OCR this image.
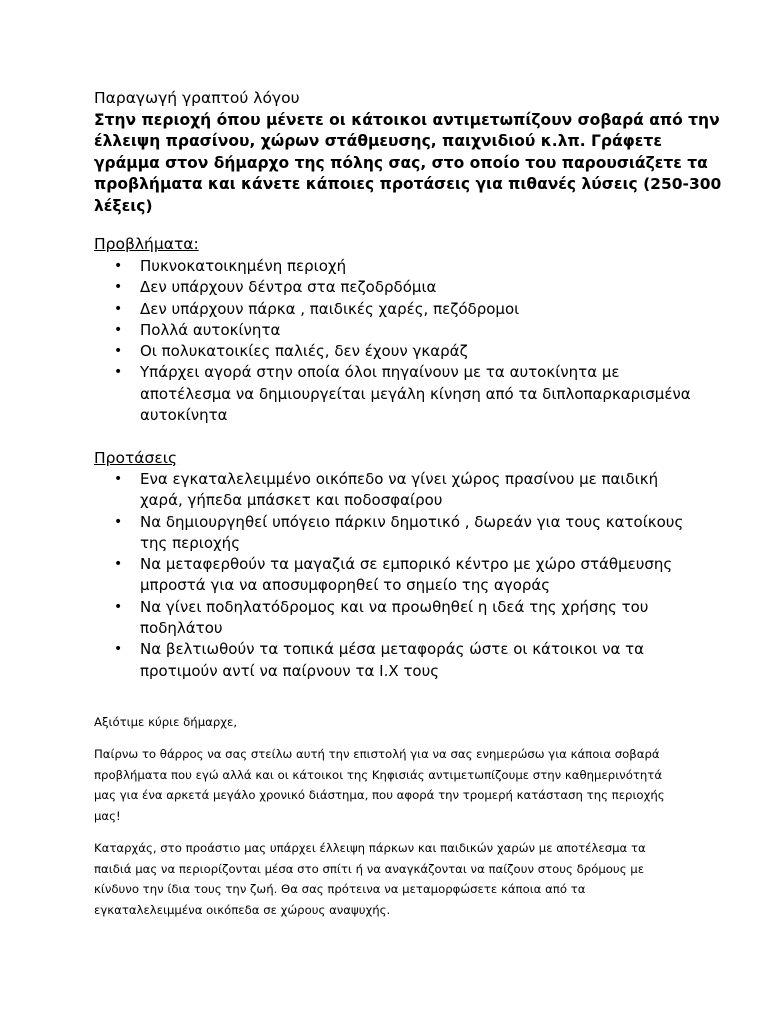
Παραγωγή γραπτού λόγου
Στην περιοχή όπου μένετε οι κάτοικοι αντιμετωπίζουν σοβαρά από την έλλειψη πρασίνου, χώρων στάθμευσης, παιχνιδιού κ.λπ. Γράφετε γράμμα στον δήμαρχο της πόλης σας, στο οποίο του παρουσιάζετε τα προβλήματα και κάνετε κάποιες προτάσεις για πιθανές λύσεις (250-300 λέξεις)
Προβλήματα:
• Πυκνοκατοικημένη περιοχή
• Δεν υπάρχουν δέντρα στα πεζοδρδόμια
• Δεν υπάρχουν πάρκα , παιδικές χαρές, πεζόδρομοι
• Πολλά αυτοκίνητα
• Οι πολυκατοικίες παλιές, δεν έχουν γκαράζ
• Υπάρχει αγορά στην οποία όλοι πηγαίνουν με τα αυτοκίνητα με αποτέλεσμα να δημιουργείται μεγάλη κίνηση από τα διπλοπαρκαρισμένα αυτοκίνητα
Προτάσεις
• Ενα εγκαταλελειμμένο οικόπεδο να γίνει χώρος πρασίνου με παιδική χαρά, γήπεδα μπάσκετ και ποδοσφαίρου
• Να δημιουργηθεί υπόγειο πάρκιν δημοτικό , δωρεάν για τους κατοίκους της περιοχής
• Να μεταφερθούν τα μαγαζιά σε εμπορικό κέντρο με χώρο στάθμευσης μπροστά για να αποσυμφορηθεί το σημείο της αγοράς
• Να γίνει ποδηλατόδρομος και να προωθηθεί η ιδεά της χρήσης του ποδηλάτου
• Να βελτιωθούν τα τοπικά μέσα μεταφοράς ώστε οι κάτοικοι να τα προτιμούν αντί να παίρνουν τα Ι.Χ τους
Αξιότιμε κύριε δήμαρχε,
Παίρνω το θάρρος να σας στείλω αυτή την επιστολή για να σας ενημερώσω για κάποια σοβαρά προβλήματα που εγώ αλλά και οι κάτοικοι της Κηφισιάς αντιμετωπίζουμε στην καθημερινότητά μας για ένα αρκετά μεγάλο χρονικό διάστημα, που αφορά την τρομερή κατάσταση της περιοχής μας!
Καταρχάς, στο προάστιο μας υπάρχει έλλειψη πάρκων και παιδικών χαρών με αποτέλεσμα τα παιδιά μας να περιορίζονται μέσα στο σπίτι ή να αναγκάζονται να παίζουν στους δρόμους με κίνδυνο την ίδια τους την ζωή. Θα σας πρότεινα να μεταμορφώσετε κάποια από τα εγκαταλελειμμένα οικόπεδα σε χώρους αναψυχής.
